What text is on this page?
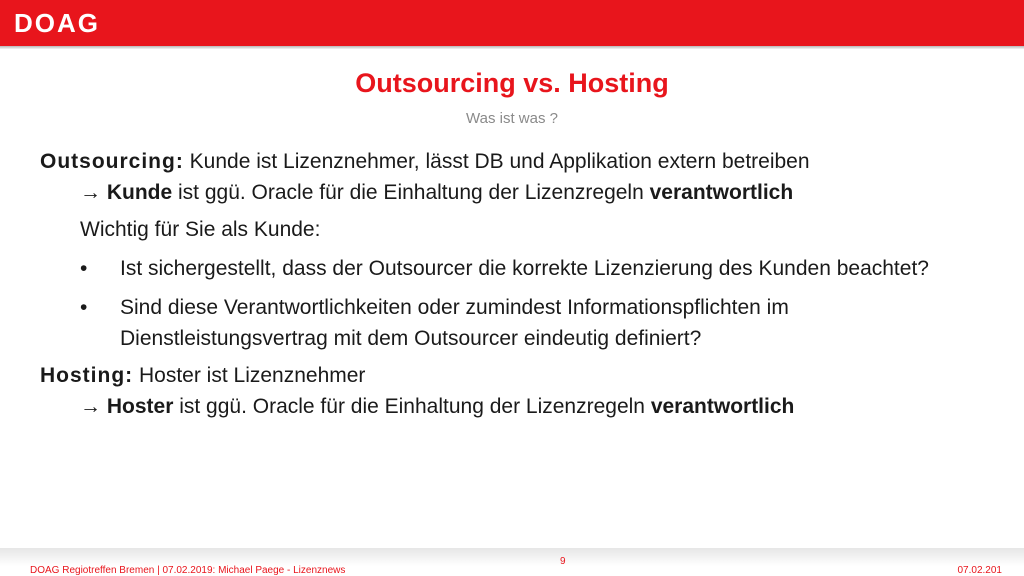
DOAG
Outsourcing vs. Hosting
Was ist was ?

Outsourcing: Kunde ist Lizenznehmer, lässt DB und Applikation extern betreiben

→ Kunde ist ggü. Oracle für die Einhaltung der Lizenzregeln verantwortlich

Wichtig für Sie als Kunde:

•	Ist sichergestellt, dass der Outsourcer die korrekte Lizenzierung des Kunden beachtet?
•	Sind diese Verantwortlichkeiten oder zumindest Informationspflichten im Dienstleistungsvertrag mit dem Outsourcer eindeutig definiert?

Hosting: Hoster ist Lizenznehmer

→ Hoster ist ggü. Oracle für die Einhaltung der Lizenzregeln verantwortlich

9
DOAG Regiotreffen Bremen | 07.02.2019: Michael Paege - Lizenznews	07.02.201
